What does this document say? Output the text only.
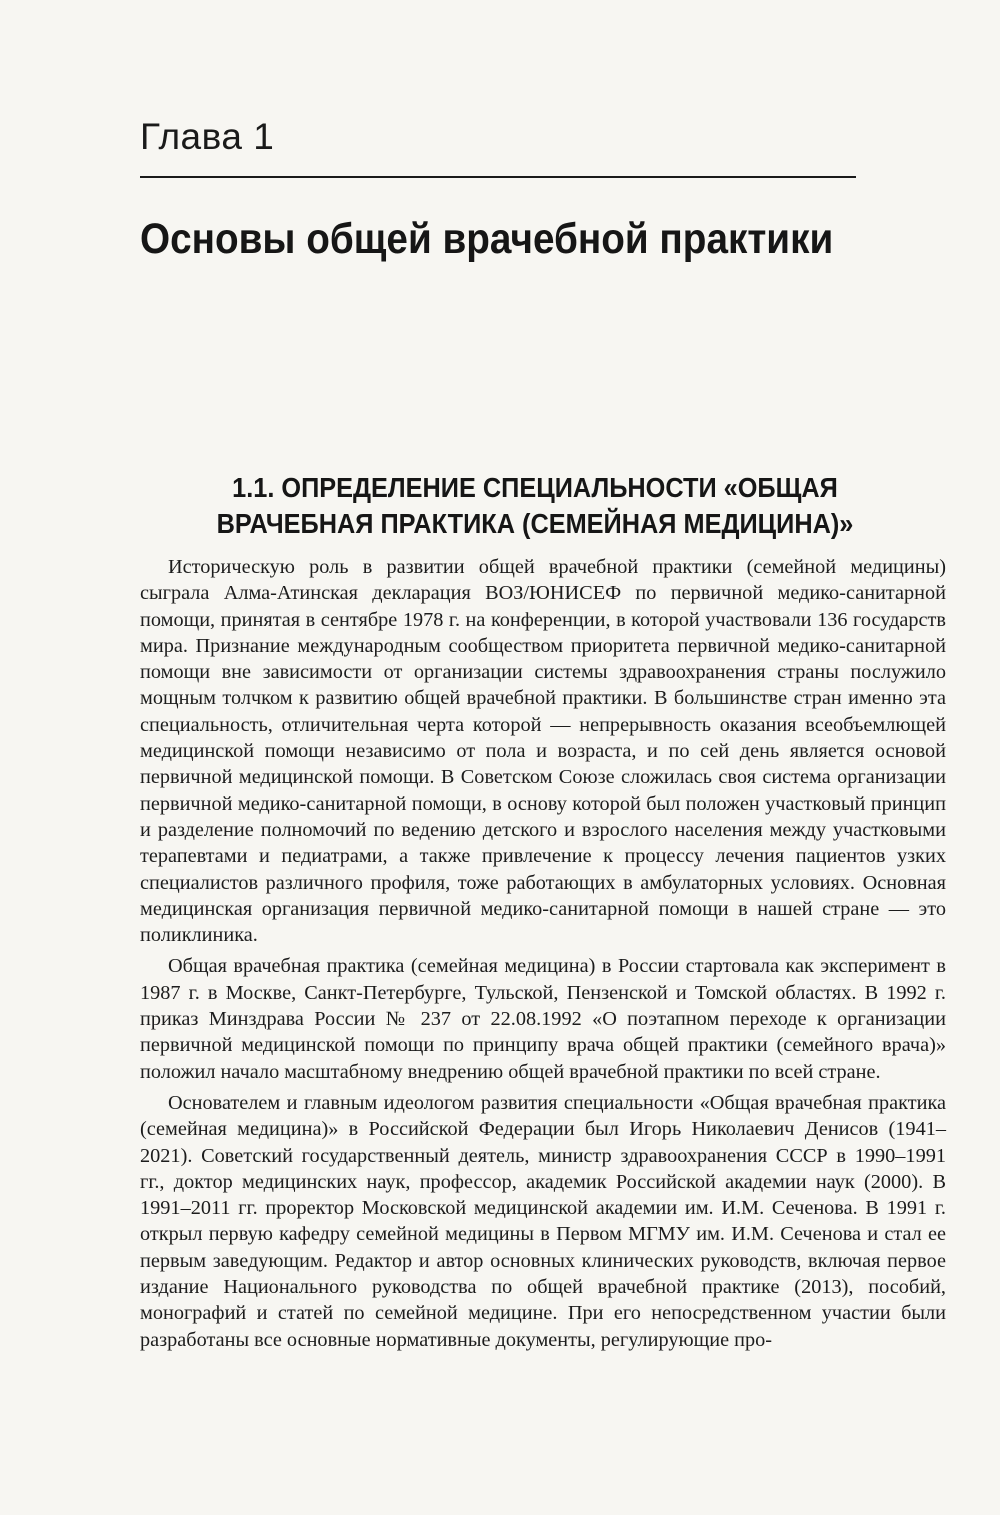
Глава 1
Основы общей врачебной практики
1.1. ОПРЕДЕЛЕНИЕ СПЕЦИАЛЬНОСТИ «ОБЩАЯ ВРАЧЕБНАЯ ПРАКТИКА (СЕМЕЙНАЯ МЕДИЦИНА)»

Историческую роль в развитии общей врачебной практики (семейной медицины) сыграла Алма-Атинская декларация ВОЗ/ЮНИСЕФ по первичной медико-санитарной помощи, принятая в сентябре 1978 г. на конференции, в которой участвовали 136 государств мира. Признание международным сообществом приоритета первичной медико-санитарной помощи вне зависимости от организации системы здравоохранения страны послужило мощным толчком к развитию общей врачебной практики. В большинстве стран именно эта специальность, отличительная черта которой — непрерывность оказания всеобъемлющей медицинской помощи независимо от пола и возраста, и по сей день является основой первичной медицинской помощи. В Советском Союзе сложилась своя система организации первичной медико-санитарной помощи, в основу которой был положен участковый принцип и разделение полномочий по ведению детского и взрослого населения между участковыми терапевтами и педиатрами, а также привлечение к процессу лечения пациентов узких специалистов различного профиля, тоже работающих в амбулаторных условиях. Основная медицинская организация первичной медико-санитарной помощи в нашей стране — это поликлиника.

Общая врачебная практика (семейная медицина) в России стартовала как эксперимент в 1987 г. в Москве, Санкт-Петербурге, Тульской, Пензенской и Томской областях. В 1992 г. приказ Минздрава России № 237 от 22.08.1992 «О поэтапном переходе к организации первичной медицинской помощи по принципу врача общей практики (семейного врача)» положил начало масштабному внедрению общей врачебной практики по всей стране.

Основателем и главным идеологом развития специальности «Общая врачебная практика (семейная медицина)» в Российской Федерации был Игорь Николаевич Денисов (1941–2021). Советский государственный деятель, министр здравоохранения СССР в 1990–1991 гг., доктор медицинских наук, профессор, академик Российской академии наук (2000). В 1991–2011 гг. проректор Московской медицинской академии им. И.М. Сеченова. В 1991 г. открыл первую кафедру семейной медицины в Первом МГМУ им. И.М. Сеченова и стал ее первым заведующим. Редактор и автор основных клинических руководств, включая первое издание Национального руководства по общей врачебной практике (2013), пособий, монографий и статей по семейной медицине. При его непосредственном участии были разработаны все основные нормативные документы, регулирующие про-
